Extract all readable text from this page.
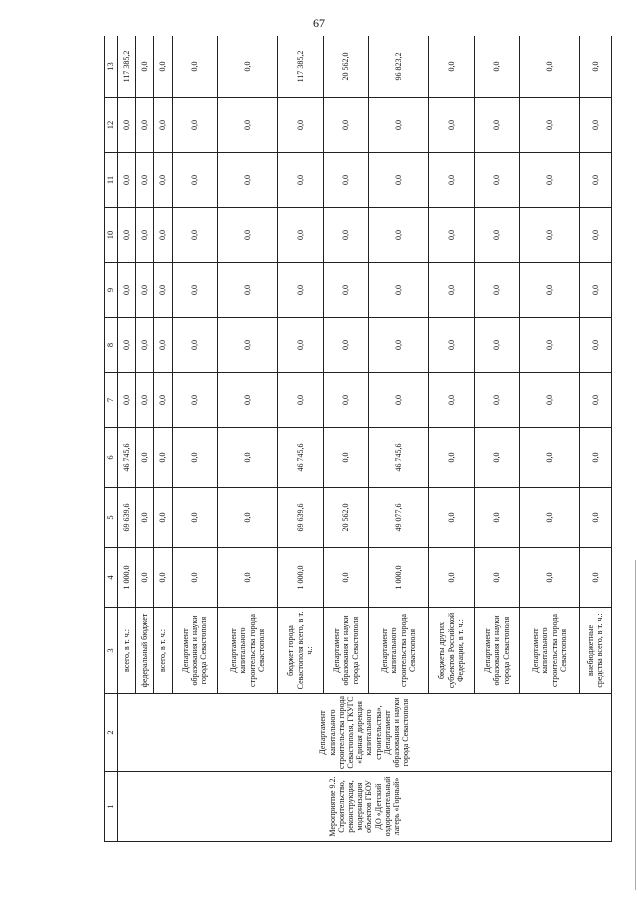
67
1	2	3	4	5	6	7	8	9	10	11	12	13
Мероприятие 9.2. Строительство, реконструкция, модернизация объектов ГБОУ ДО «Детский оздоровительный лагерь «Горный»	Департамент капитального строительства города Севастополя, ГКУГС «Единая дирекция капитального строительства», Департамент образования и науки города Севастополя	всего, в т. ч.:	1 000,0	69 639,6	46 745,6	0,0	0,0	0,0	0,0	0,0	0,0	117 385,2
		федеральный бюджет	0,0	0,0	0,0	0,0	0,0	0,0	0,0	0,0	0,0	0,0
		всего, в т. ч.:	0,0	0,0	0,0	0,0	0,0	0,0	0,0	0,0	0,0	0,0
		Департамент образования и науки города Севастополя	0,0	0,0	0,0	0,0	0,0	0,0	0,0	0,0	0,0	0,0
		Департамент капитального строительства города Севастополя	0,0	0,0	0,0	0,0	0,0	0,0	0,0	0,0	0,0	0,0
		бюджет города Севастополя всего, в т. ч.:	1 000,0	69 639,6	46 745,6	0,0	0,0	0,0	0,0	0,0	0,0	117 385,2
		Департамент образования и науки города Севастополя	0,0	20 562,0	0,0	0,0	0,0	0,0	0,0	0,0	0,0	20 562,0
		Департамент капитального строительства города Севастополя	1 000,0	49 077,6	46 745,6	0,0	0,0	0,0	0,0	0,0	0,0	96 823,2
		бюджеты других субъектов Российской Федерации, в т. ч.:	0,0	0,0	0,0	0,0	0,0	0,0	0,0	0,0	0,0	0,0
		Департамент образования и науки города Севастополя	0,0	0,0	0,0	0,0	0,0	0,0	0,0	0,0	0,0	0,0
		Департамент капитального строительства города Севастополя	0,0	0,0	0,0	0,0	0,0	0,0	0,0	0,0	0,0	0,0
		внебюджетные средства всего, в т. ч.:	0,0	0,0	0,0	0,0	0,0	0,0	0,0	0,0	0,0	0,0
